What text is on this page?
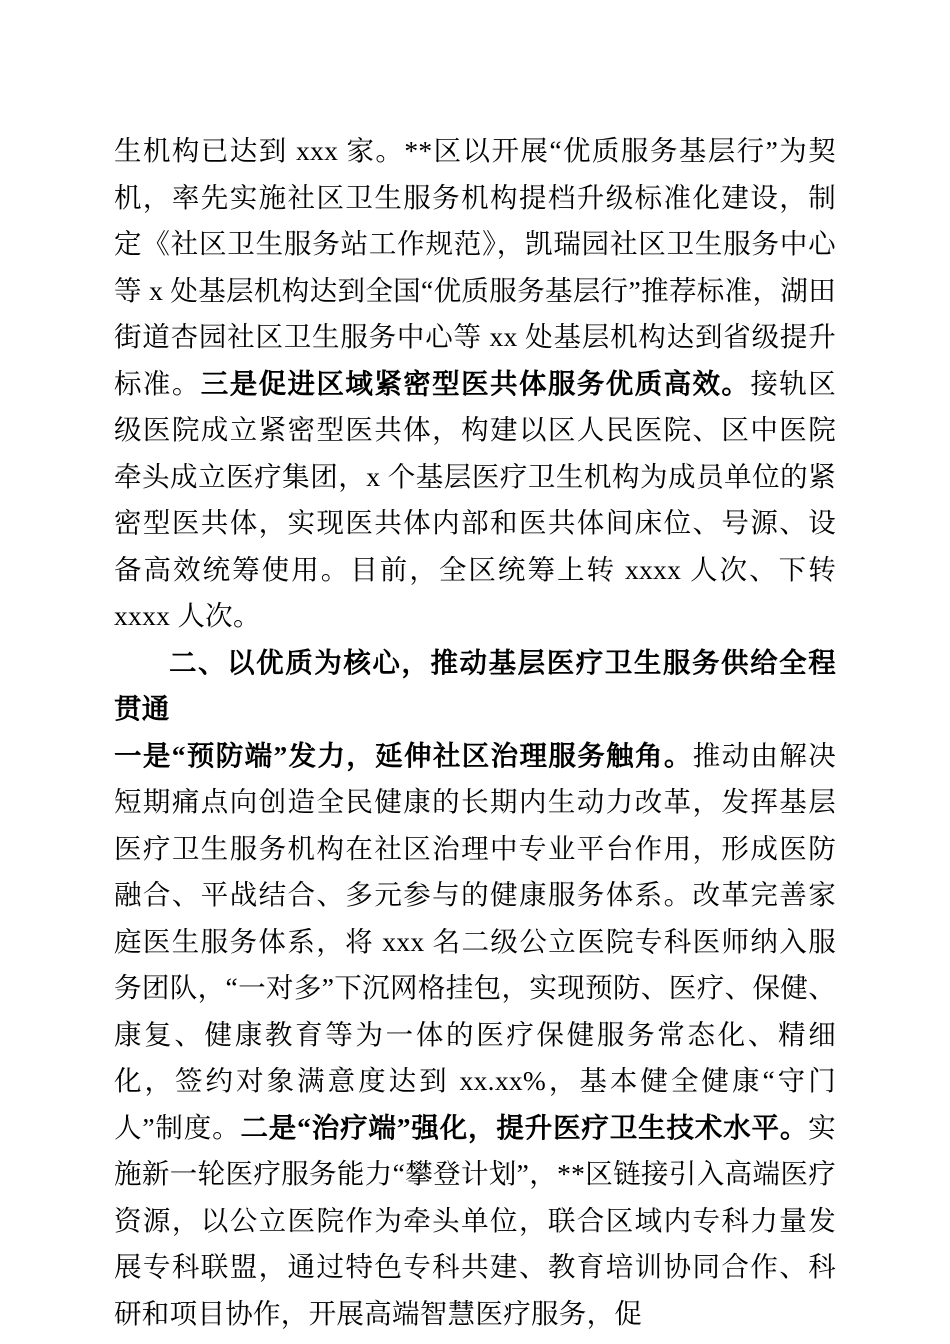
生机构已达到 xxx 家。**区以开展“优质服务基层行”为契机，率先实施社区卫生服务机构提档升级标准化建设，制定《社区卫生服务站工作规范》，凯瑞园社区卫生服务中心等 x 处基层机构达到全国“优质服务基层行”推荐标准，湖田街道杏园社区卫生服务中心等 xx 处基层机构达到省级提升标准。三是促进区域紧密型医共体服务优质高效。接轨区级医院成立紧密型医共体，构建以区人民医院、区中医院牵头成立医疗集团，x 个基层医疗卫生机构为成员单位的紧密型医共体，实现医共体内部和医共体间床位、号源、设备高效统筹使用。目前，全区统筹上转 xxxx 人次、下转 xxxx 人次。

二、以优质为核心，推动基层医疗卫生服务供给全程贯通

一是“预防端”发力，延伸社区治理服务触角。推动由解决短期痛点向创造全民健康的长期内生动力改革，发挥基层医疗卫生服务机构在社区治理中专业平台作用，形成医防融合、平战结合、多元参与的健康服务体系。改革完善家庭医生服务体系，将 xxx 名二级公立医院专科医师纳入服务团队，“一对多”下沉网格挂包，实现预防、医疗、保健、康复、健康教育等为一体的医疗保健服务常态化、精细化，签约对象满意度达到 xx.xx%，基本健全健康“守门人”制度。二是“治疗端”强化，提升医疗卫生技术水平。实施新一轮医疗服务能力“攀登计划”，**区链接引入高端医疗资源，以公立医院作为牵头单位，联合区域内专科力量发展专科联盟，通过特色专科共建、教育培训协同合作、科研和项目协作，开展高端智慧医疗服务，促
